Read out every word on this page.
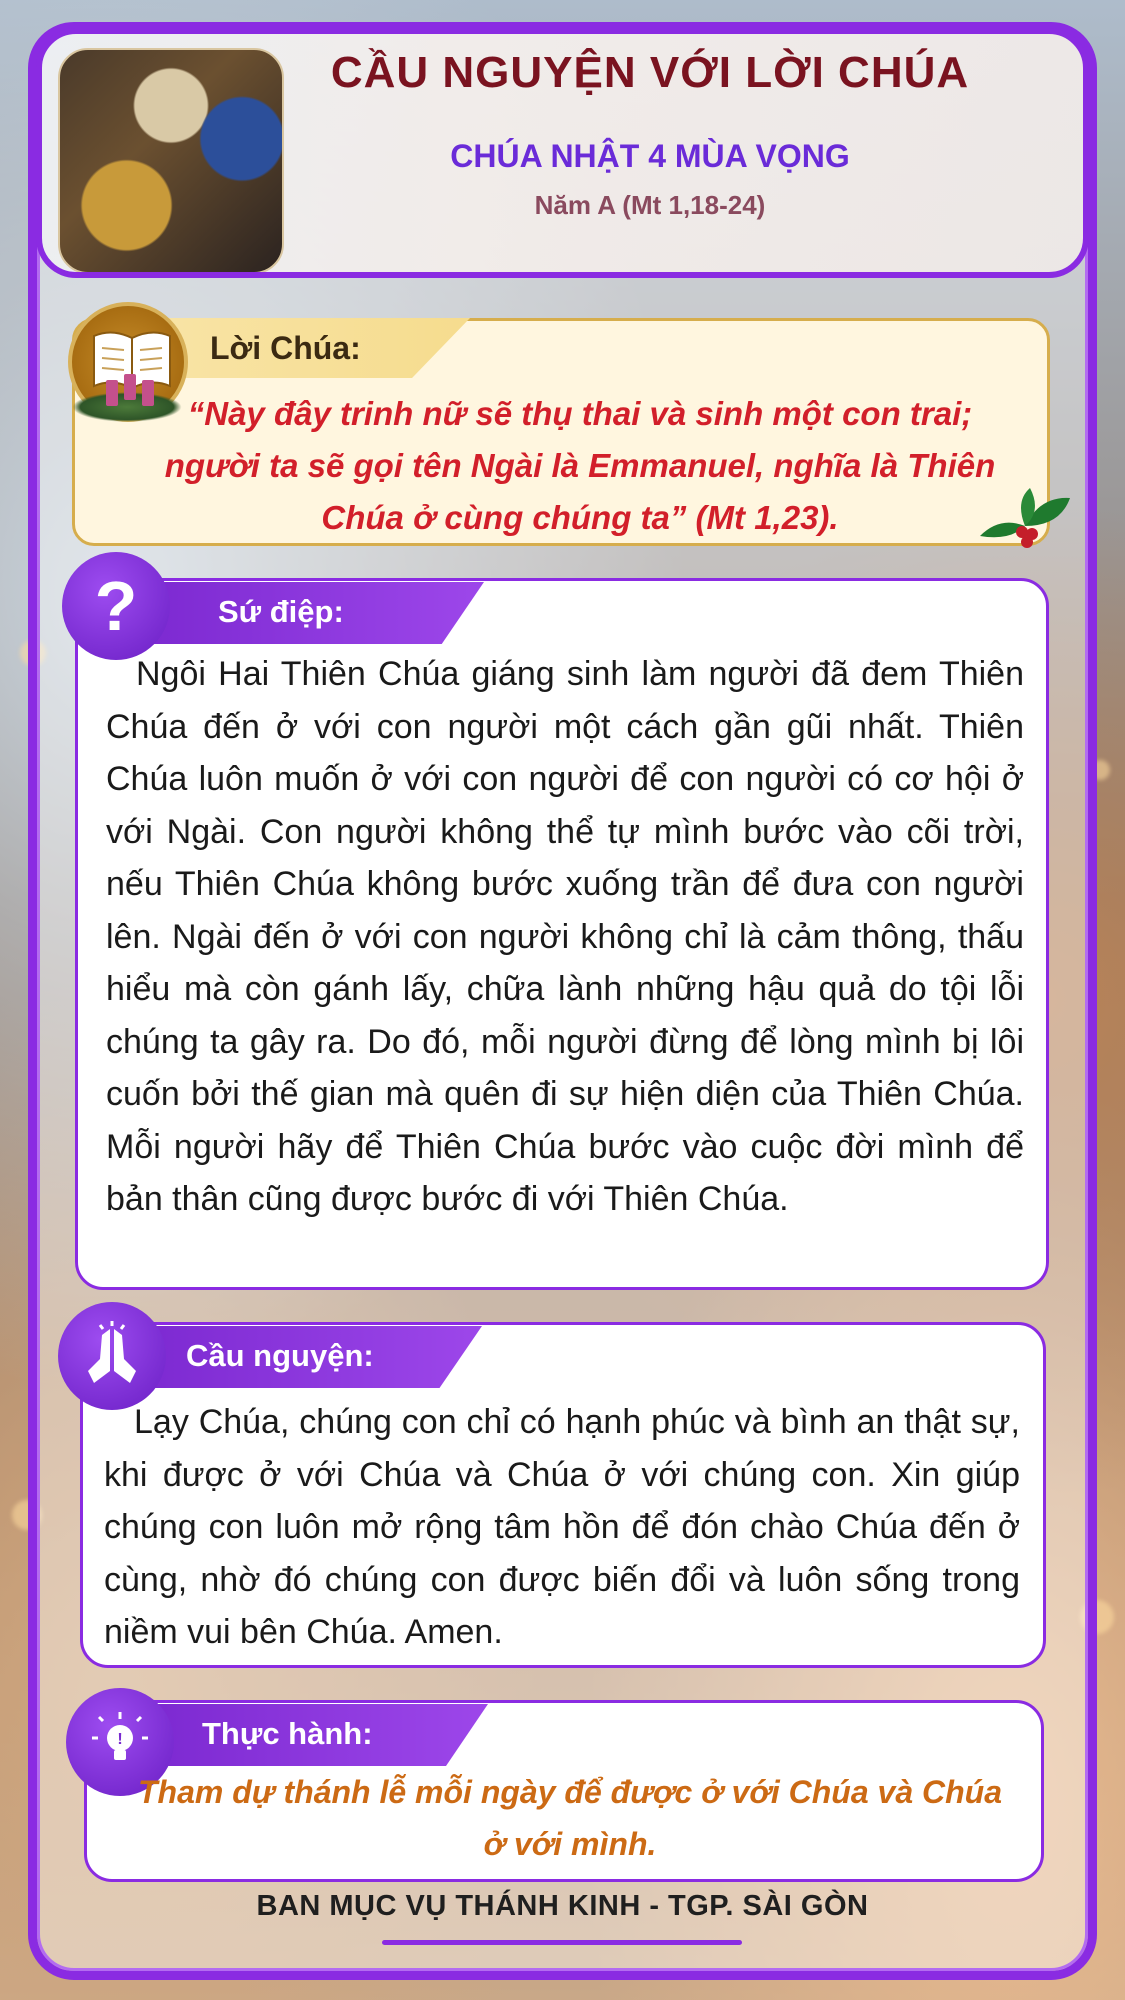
CẦU NGUYỆN VỚI LỜI CHÚA
CHÚA NHẬT 4 MÙA VỌNG
Năm A (Mt 1,18-24)
Lời Chúa:
“Này đây trinh nữ sẽ thụ thai và sinh một con trai; người ta sẽ gọi tên Ngài là Emmanuel, nghĩa là Thiên Chúa ở cùng chúng ta” (Mt 1,23).
Sứ điệp:
?
Ngôi Hai Thiên Chúa giáng sinh làm người đã đem Thiên Chúa đến ở với con người một cách gần gũi nhất. Thiên Chúa luôn muốn ở với con người để con người có cơ hội ở với Ngài. Con người không thể tự mình bước vào cõi trời, nếu Thiên Chúa không bước xuống trần để đưa con người lên. Ngài đến ở với con người không chỉ là cảm thông, thấu hiểu mà còn gánh lấy, chữa lành những hậu quả do tội lỗi chúng ta gây ra. Do đó, mỗi người đừng để lòng mình bị lôi cuốn bởi thế gian mà quên đi sự hiện diện của Thiên Chúa. Mỗi người hãy để Thiên Chúa bước vào cuộc đời mình để bản thân cũng được bước đi với Thiên Chúa.
Cầu nguyện:
Lạy Chúa, chúng con chỉ có hạnh phúc và bình an thật sự, khi được ở với Chúa và Chúa ở với chúng con. Xin giúp chúng con luôn mở rộng tâm hồn để đón chào Chúa đến ở cùng, nhờ đó chúng con được biến đổi và luôn sống trong niềm vui bên Chúa. Amen.
Thực hành:
!
Tham dự thánh lễ mỗi ngày để được ở với Chúa và Chúa ở với mình.
BAN MỤC VỤ THÁNH KINH - TGP. SÀI GÒN
